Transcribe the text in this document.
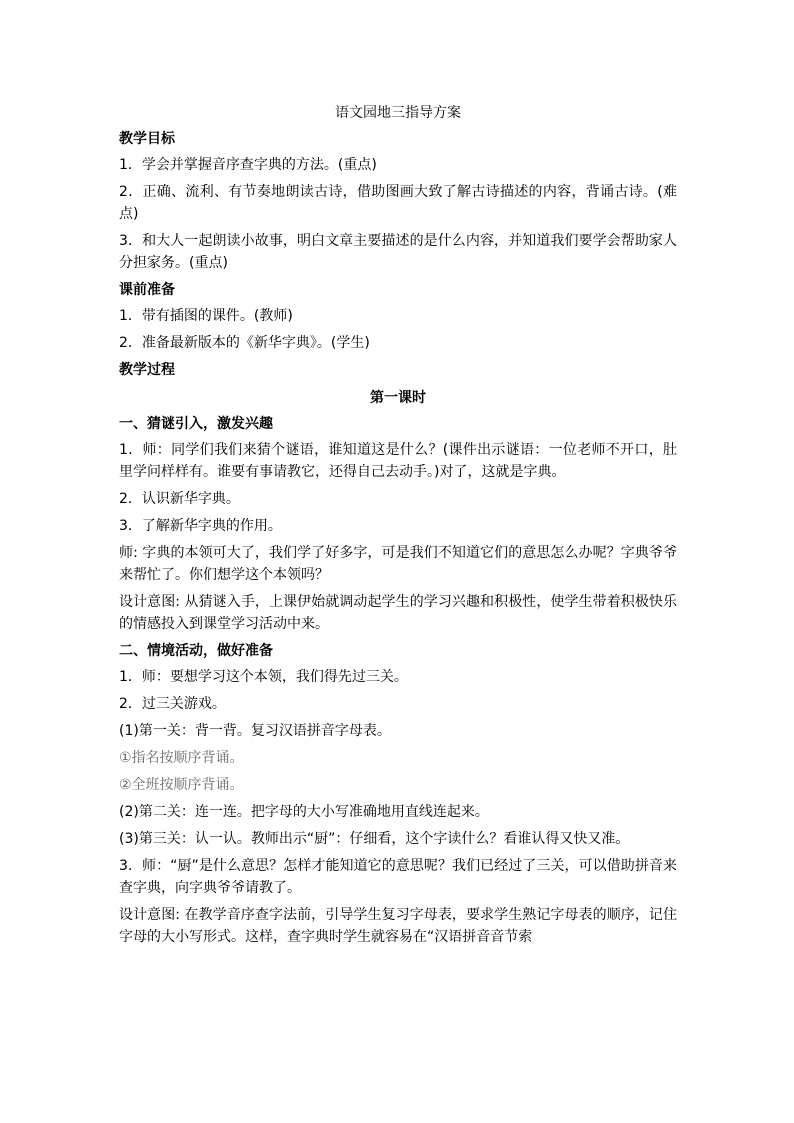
语文园地三指导方案
教学目标

1．学会并掌握音序查字典的方法。(重点)

2．正确、流利、有节奏地朗读古诗，借助图画大致了解古诗描述的内容，背诵古诗。(难点)

3．和大人一起朗读小故事，明白文章主要描述的是什么内容，并知道我们要学会帮助家人分担家务。(重点)

课前准备

1．带有插图的课件。(教师)

2．准备最新版本的《新华字典》。(学生)

教学过程
第一课时
一、猜谜引入，激发兴趣

1．师：同学们我们来猜个谜语，谁知道这是什么？(课件出示谜语：一位老师不开口，肚里学问样样有。谁要有事请教它，还得自己去动手。)对了，这就是字典。

2．认识新华字典。

3．了解新华字典的作用。

师: 字典的本领可大了，我们学了好多字，可是我们不知道它们的意思怎么办呢？字典爷爷来帮忙了。你们想学这个本领吗？

设计意图: 从猜谜入手，上课伊始就调动起学生的学习兴趣和积极性，使学生带着积极快乐的情感投入到课堂学习活动中来。

二、情境活动，做好准备

1．师：要想学习这个本领，我们得先过三关。

2．过三关游戏。

(1)第一关：背一背。复习汉语拼音字母表。

①指名按顺序背诵。

②全班按顺序背诵。

(2)第二关：连一连。把字母的大小写准确地用直线连起来。

(3)第三关：认一认。教师出示“厨”：仔细看，这个字读什么？看谁认得又快又准。

3．师：“厨”是什么意思？怎样才能知道它的意思呢？我们已经过了三关，可以借助拼音来查字典，向字典爷爷请教了。

设计意图: 在教学音序查字法前，引导学生复习字母表，要求学生熟记字母表的顺序，记住字母的大小写形式。这样，查字典时学生就容易在“汉语拼音音节索
